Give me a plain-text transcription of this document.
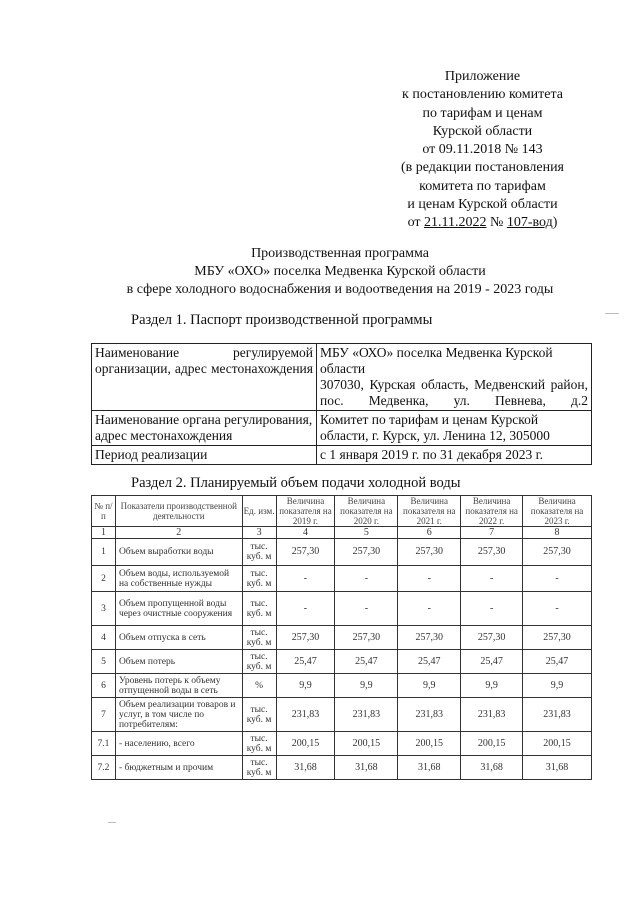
Приложение
к постановлению комитета
по тарифам и ценам
Курской области
от 09.11.2018 № 143
(в редакции постановления
комитета по тарифам
и ценам Курской области
от 21.11.2022 № 107-вод)
Производственная программа
МБУ «ОХО» поселка Медвенка Курской области
в сфере холодного водоснабжения и водоотведения на 2019 - 2023 годы
Раздел 1. Паспорт производственной программы
Наименование регулируемой организации, адрес местонахождения	МБУ «ОХО» поселка Медвенка Курской области
307030, Курская область, Медвенский район, пос. Медвенка, ул. Певнева, д.2

Наименование органа регулирования, адрес местонахождения	Комитет по тарифам и ценам Курской области, г. Курск, ул. Ленина 12, 305000
Период реализации	с 1 января 2019 г. по 31 декабря 2023 г.
Раздел 2. Планируемый объем подачи холодной воды
№ п/п	Показатели производственной деятельности	Ед. изм.	Величина показателя на 2019 г.	Величина показателя на 2020 г.	Величина показателя на 2021 г.	Величина показателя на 2022 г.	Величина показателя на 2023 г.
1	2	3	4	5	6	7	8
1	Объем выработки воды	тыс. куб. м	257,30	257,30	257,30	257,30	257,30
2	Объем воды, используемой на собственные нужды	тыс. куб. м	-	-	-	-	-
3	Объем пропущенной воды через очистные сооружения	тыс. куб. м	-	-	-	-	-
4	Объем отпуска в сеть	тыс. куб. м	257,30	257,30	257,30	257,30	257,30
5	Объем потерь	тыс. куб. м	25,47	25,47	25,47	25,47	25,47
6	Уровень потерь к объему отпущенной воды в сеть	%	9,9	9,9	9,9	9,9	9,9
7	Объем реализации товаров и услуг, в том числе по потребителям:	тыс. куб. м	231,83	231,83	231,83	231,83	231,83
7.1	- населению, всего	тыс. куб. м	200,15	200,15	200,15	200,15	200,15
7.2	- бюджетным и прочим	тыс. куб. м	31,68	31,68	31,68	31,68	31,68
